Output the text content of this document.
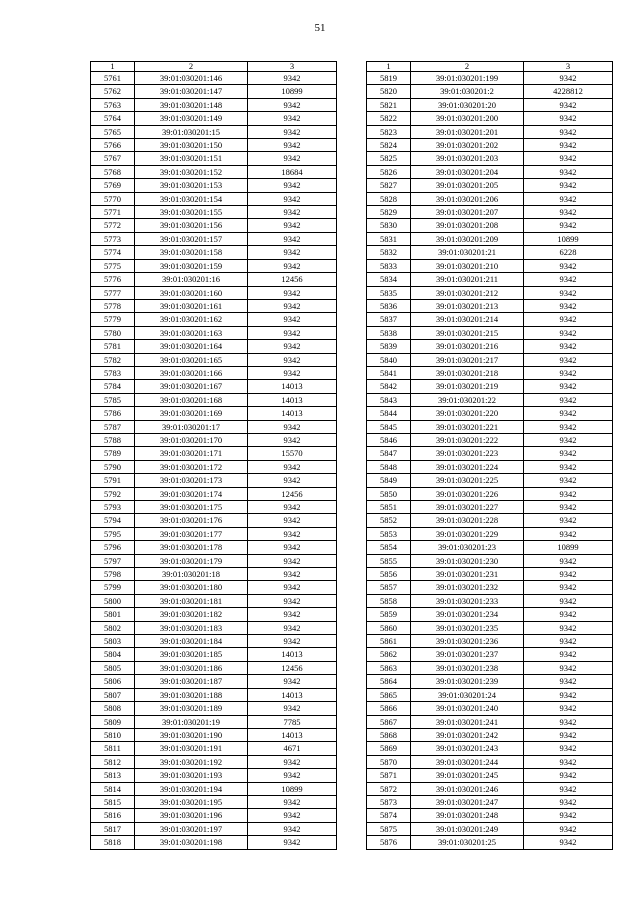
51
1	2	3
5761	39:01:030201:146	9342
5762	39:01:030201:147	10899
5763	39:01:030201:148	9342
5764	39:01:030201:149	9342
5765	39:01:030201:15	9342
5766	39:01:030201:150	9342
5767	39:01:030201:151	9342
5768	39:01:030201:152	18684
5769	39:01:030201:153	9342
5770	39:01:030201:154	9342
5771	39:01:030201:155	9342
5772	39:01:030201:156	9342
5773	39:01:030201:157	9342
5774	39:01:030201:158	9342
5775	39:01:030201:159	9342
5776	39:01:030201:16	12456
5777	39:01:030201:160	9342
5778	39:01:030201:161	9342
5779	39:01:030201:162	9342
5780	39:01:030201:163	9342
5781	39:01:030201:164	9342
5782	39:01:030201:165	9342
5783	39:01:030201:166	9342
5784	39:01:030201:167	14013
5785	39:01:030201:168	14013
5786	39:01:030201:169	14013
5787	39:01:030201:17	9342
5788	39:01:030201:170	9342
5789	39:01:030201:171	15570
5790	39:01:030201:172	9342
5791	39:01:030201:173	9342
5792	39:01:030201:174	12456
5793	39:01:030201:175	9342
5794	39:01:030201:176	9342
5795	39:01:030201:177	9342
5796	39:01:030201:178	9342
5797	39:01:030201:179	9342
5798	39:01:030201:18	9342
5799	39:01:030201:180	9342
5800	39:01:030201:181	9342
5801	39:01:030201:182	9342
5802	39:01:030201:183	9342
5803	39:01:030201:184	9342
5804	39:01:030201:185	14013
5805	39:01:030201:186	12456
5806	39:01:030201:187	9342
5807	39:01:030201:188	14013
5808	39:01:030201:189	9342
5809	39:01:030201:19	7785
5810	39:01:030201:190	14013
5811	39:01:030201:191	4671
5812	39:01:030201:192	9342
5813	39:01:030201:193	9342
5814	39:01:030201:194	10899
5815	39:01:030201:195	9342
5816	39:01:030201:196	9342
5817	39:01:030201:197	9342
5818	39:01:030201:198	9342
1	2	3
5819	39:01:030201:199	9342
5820	39:01:030201:2	4228812
5821	39:01:030201:20	9342
5822	39:01:030201:200	9342
5823	39:01:030201:201	9342
5824	39:01:030201:202	9342
5825	39:01:030201:203	9342
5826	39:01:030201:204	9342
5827	39:01:030201:205	9342
5828	39:01:030201:206	9342
5829	39:01:030201:207	9342
5830	39:01:030201:208	9342
5831	39:01:030201:209	10899
5832	39:01:030201:21	6228
5833	39:01:030201:210	9342
5834	39:01:030201:211	9342
5835	39:01:030201:212	9342
5836	39:01:030201:213	9342
5837	39:01:030201:214	9342
5838	39:01:030201:215	9342
5839	39:01:030201:216	9342
5840	39:01:030201:217	9342
5841	39:01:030201:218	9342
5842	39:01:030201:219	9342
5843	39:01:030201:22	9342
5844	39:01:030201:220	9342
5845	39:01:030201:221	9342
5846	39:01:030201:222	9342
5847	39:01:030201:223	9342
5848	39:01:030201:224	9342
5849	39:01:030201:225	9342
5850	39:01:030201:226	9342
5851	39:01:030201:227	9342
5852	39:01:030201:228	9342
5853	39:01:030201:229	9342
5854	39:01:030201:23	10899
5855	39:01:030201:230	9342
5856	39:01:030201:231	9342
5857	39:01:030201:232	9342
5858	39:01:030201:233	9342
5859	39:01:030201:234	9342
5860	39:01:030201:235	9342
5861	39:01:030201:236	9342
5862	39:01:030201:237	9342
5863	39:01:030201:238	9342
5864	39:01:030201:239	9342
5865	39:01:030201:24	9342
5866	39:01:030201:240	9342
5867	39:01:030201:241	9342
5868	39:01:030201:242	9342
5869	39:01:030201:243	9342
5870	39:01:030201:244	9342
5871	39:01:030201:245	9342
5872	39:01:030201:246	9342
5873	39:01:030201:247	9342
5874	39:01:030201:248	9342
5875	39:01:030201:249	9342
5876	39:01:030201:25	9342
